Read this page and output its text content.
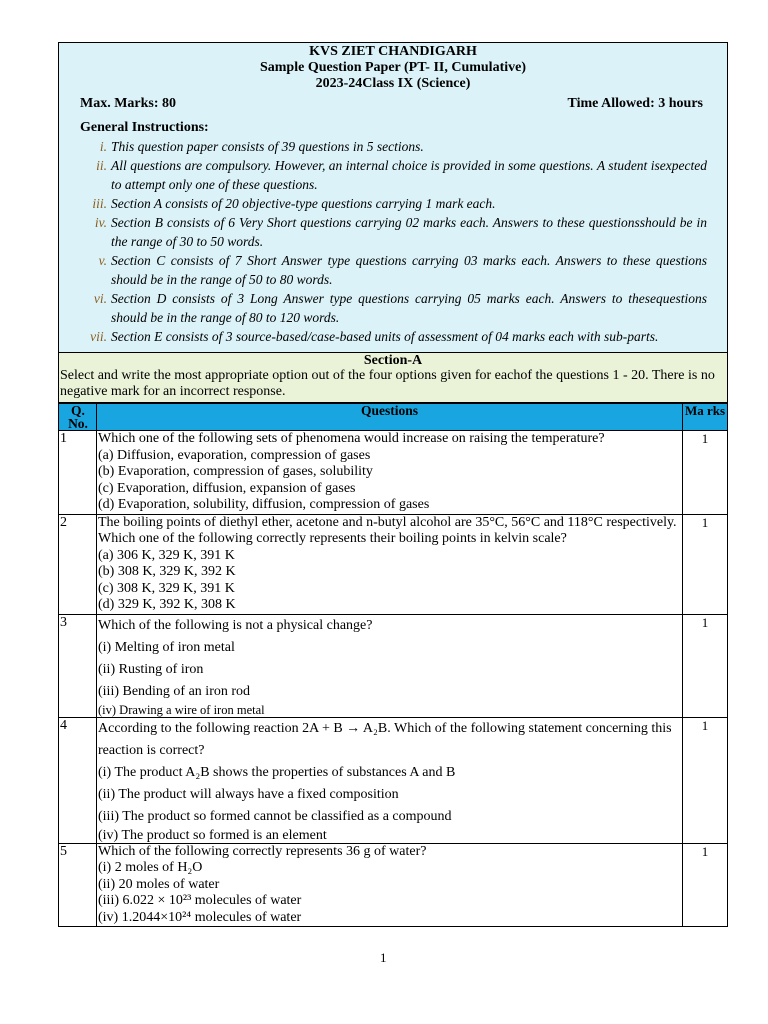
KVS ZIET CHANDIGARH
Sample Question Paper (PT- II, Cumulative)
2023-24Class IX (Science)
Max. Marks: 80	Time Allowed: 3 hours
General Instructions:
i. This question paper consists of 39 questions in 5 sections.
ii. All questions are compulsory. However, an internal choice is provided in some questions. A student isexpected to attempt only one of these questions.
iii. Section A consists of 20 objective-type questions carrying 1 mark each.
iv. Section B consists of 6 Very Short questions carrying 02 marks each. Answers to these questionsshould be in the range of 30 to 50 words.
v. Section C consists of 7 Short Answer type questions carrying 03 marks each. Answers to these questions should be in the range of 50 to 80 words.
vi. Section D consists of 3 Long Answer type questions carrying 05 marks each. Answers to thesequestions should be in the range of 80 to 120 words.
vii. Section E consists of 3 source-based/case-based units of assessment of 04 marks each with sub-parts.
Section-A
Select and write the most appropriate option out of the four options given for eachof the questions 1 - 20. There is no negative mark for an incorrect response.
Q. No.	Questions	Ma rks
1	Which one of the following sets of phenomena would increase on raising the temperature?
(a) Diffusion, evaporation, compression of gases
(b) Evaporation, compression of gases, solubility
(c) Evaporation, diffusion, expansion of gases
(d) Evaporation, solubility, diffusion, compression of gases	1
2	The boiling points of diethyl ether, acetone and n-butyl alcohol are 35°C, 56°C and 118°C respectively. Which one of the following correctly represents their boiling points in kelvin scale?
(a) 306 K, 329 K, 391 K
(b) 308 K, 329 K, 392 K
(c) 308 K, 329 K, 391 K
(d) 329 K, 392 K, 308 K	1
3	Which of the following is not a physical change?
(i) Melting of iron metal
(ii) Rusting of iron
(iii) Bending of an iron rod
(iv) Drawing a wire of iron metal	1
4	According to the following reaction 2A + B → A₂B. Which of the following statement concerning this reaction is correct?
(i) The product A₂B shows the properties of substances A and B
(ii) The product will always have a fixed composition
(iii) The product so formed cannot be classified as a compound
(iv) The product so formed is an element	1
5	Which of the following correctly represents 36 g of water?
(i) 2 moles of H₂O
(ii) 20 moles of water
(iii) 6.022 × 10²³ molecules of water
(iv) 1.2044×10²⁴ molecules of water	1
1
